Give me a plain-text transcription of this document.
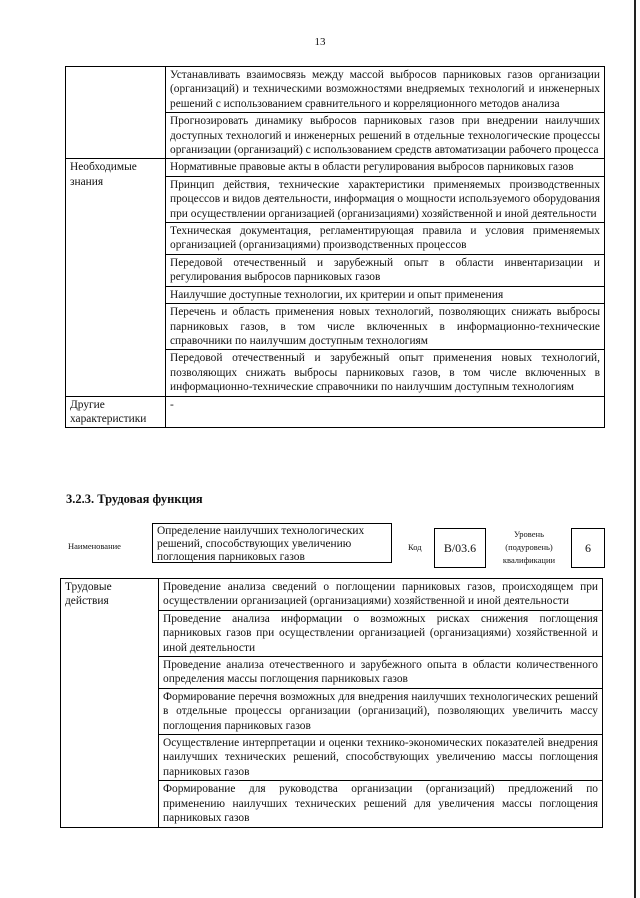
13
	Устанавливать взаимосвязь между массой выбросов парниковых газов организации (организаций) и техническими возможностями внедряемых технологий и инженерных решений с использованием сравнительного и корреляционного методов анализа
	Прогнозировать динамику выбросов парниковых газов при внедрении наилучших доступных технологий и инженерных решений в отдельные технологические процессы организации (организаций) с использованием средств автоматизации рабочего процесса
Необходимые знания	Нормативные правовые акты в области регулирования выбросов парниковых газов
	Принцип действия, технические характеристики применяемых производственных процессов и видов деятельности, информация о мощности используемого оборудования при осуществлении организацией (организациями) хозяйственной и иной деятельности
	Техническая документация, регламентирующая правила и условия применяемых организацией (организациями) производственных процессов
	Передовой отечественный и зарубежный опыт в области инвентаризации и регулирования выбросов парниковых газов
	Наилучшие доступные технологии, их критерии и опыт применения
	Перечень и область применения новых технологий, позволяющих снижать выбросы парниковых газов, в том числе включенных в информационно-технические справочники по наилучшим доступным технологиям
	Передовой отечественный и зарубежный опыт применения новых технологий, позволяющих снижать выбросы парниковых газов, в том числе включенных в информационно-технические справочники по наилучшим доступным технологиям
Другие характеристики	-
3.2.3. Трудовая функция
Наименование
Определение наилучших технологических решений, способствующих увеличению поглощения парниковых газов
Код	B/03.6
Уровень (подуровень) квалификации
6
Трудовые действия	Проведение анализа сведений о поглощении парниковых газов, происходящем при осуществлении организацией (организациями) хозяйственной и иной деятельности
Проведение анализа информации о возможных рисках снижения поглощения парниковых газов при осуществлении организацией (организациями) хозяйственной и иной деятельности
Проведение анализа отечественного и зарубежного опыта в области количественного определения массы поглощения парниковых газов
Формирование перечня возможных для внедрения наилучших технологических решений в отдельные процессы организации (организаций), позволяющих увеличить массу поглощения парниковых газов
Осуществление интерпретации и оценки технико-экономических показателей внедрения наилучших технических решений, способствующих увеличению массы поглощения парниковых газов
Формирование для руководства организации (организаций) предложений по применению наилучших технических решений для увеличения массы поглощения парниковых газов
